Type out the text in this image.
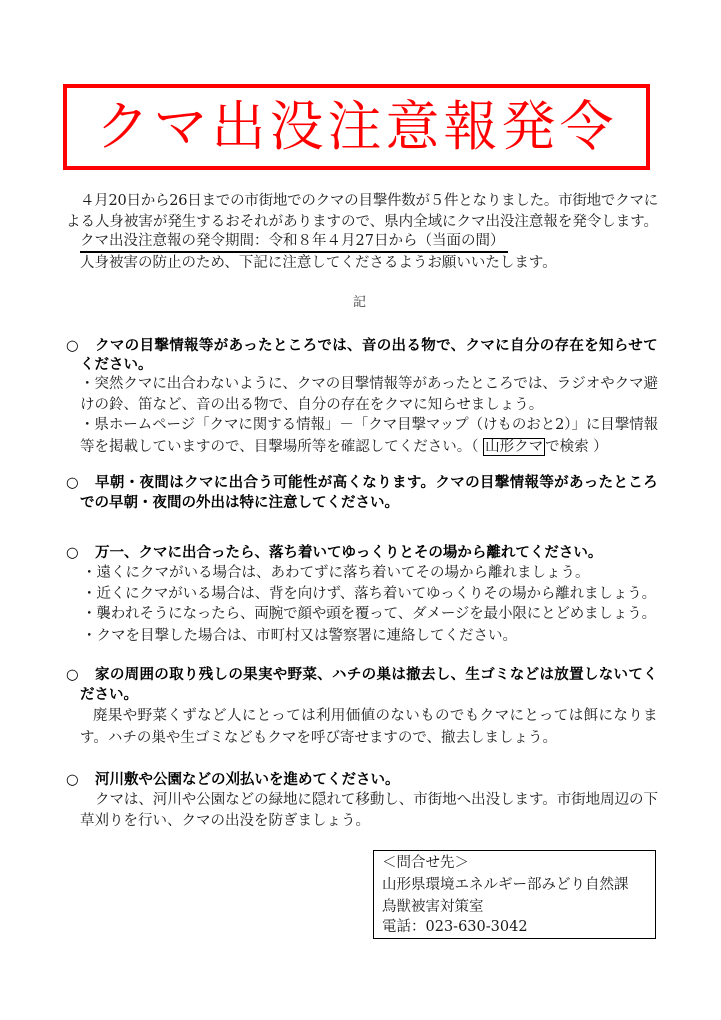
クマ出没注意報発令
４月20日から26日までの市街地でのクマの目撃件数が５件となりました。市街地でクマに
よる人身被害が発生するおそれがありますので、県内全域にクマ出没注意報を発令します。
クマ出没注意報の発令期間：令和８年４月27日から（当面の間）
人身被害の防止のため、下記に注意してくださるようお願いいたします。
記
○ クマの目撃情報等があったところでは、音の出る物で、クマに自分の存在を知らせて
ください。
・突然クマに出合わないように、クマの目撃情報等があったところでは、ラジオやクマ避
けの鈴、笛など、音の出る物で、自分の存在をクマに知らせましょう。
・県ホームページ「クマに関する情報」－「クマ目撃マップ（けものおと2）」に目撃情報
等を掲載していますので、目撃場所等を確認してください。（ 山形クマ で検索 ）
○ 早朝・夜間はクマに出合う可能性が高くなります。クマの目撃情報等があったところ
での早朝・夜間の外出は特に注意してください。
○ 万一、クマに出合ったら、落ち着いてゆっくりとその場から離れてください。
・遠くにクマがいる場合は、あわてずに落ち着いてその場から離れましょう。
・近くにクマがいる場合は、背を向けず、落ち着いてゆっくりその場から離れましょう。
・襲われそうになったら、両腕で顔や頭を覆って、ダメージを最小限にとどめましょう。
・クマを目撃した場合は、市町村又は警察署に連絡してください。
○ 家の周囲の取り残しの果実や野菜、ハチの巣は撤去し、生ゴミなどは放置しないてく
ださい。
廃果や野菜くずなど人にとっては利用価値のないものでもクマにとっては餌になりま
す。ハチの巣や生ゴミなどもクマを呼び寄せますので、撤去しましょう。
○ 河川敷や公園などの刈払いを進めてください。
クマは、河川や公園などの緑地に隠れて移動し、市街地へ出没します。市街地周辺の下
草刈りを行い、クマの出没を防ぎましょう。
＜問合せ先＞
山形県環境エネルギー部みどり自然課
鳥獣被害対策室
電話：023-630-3042
